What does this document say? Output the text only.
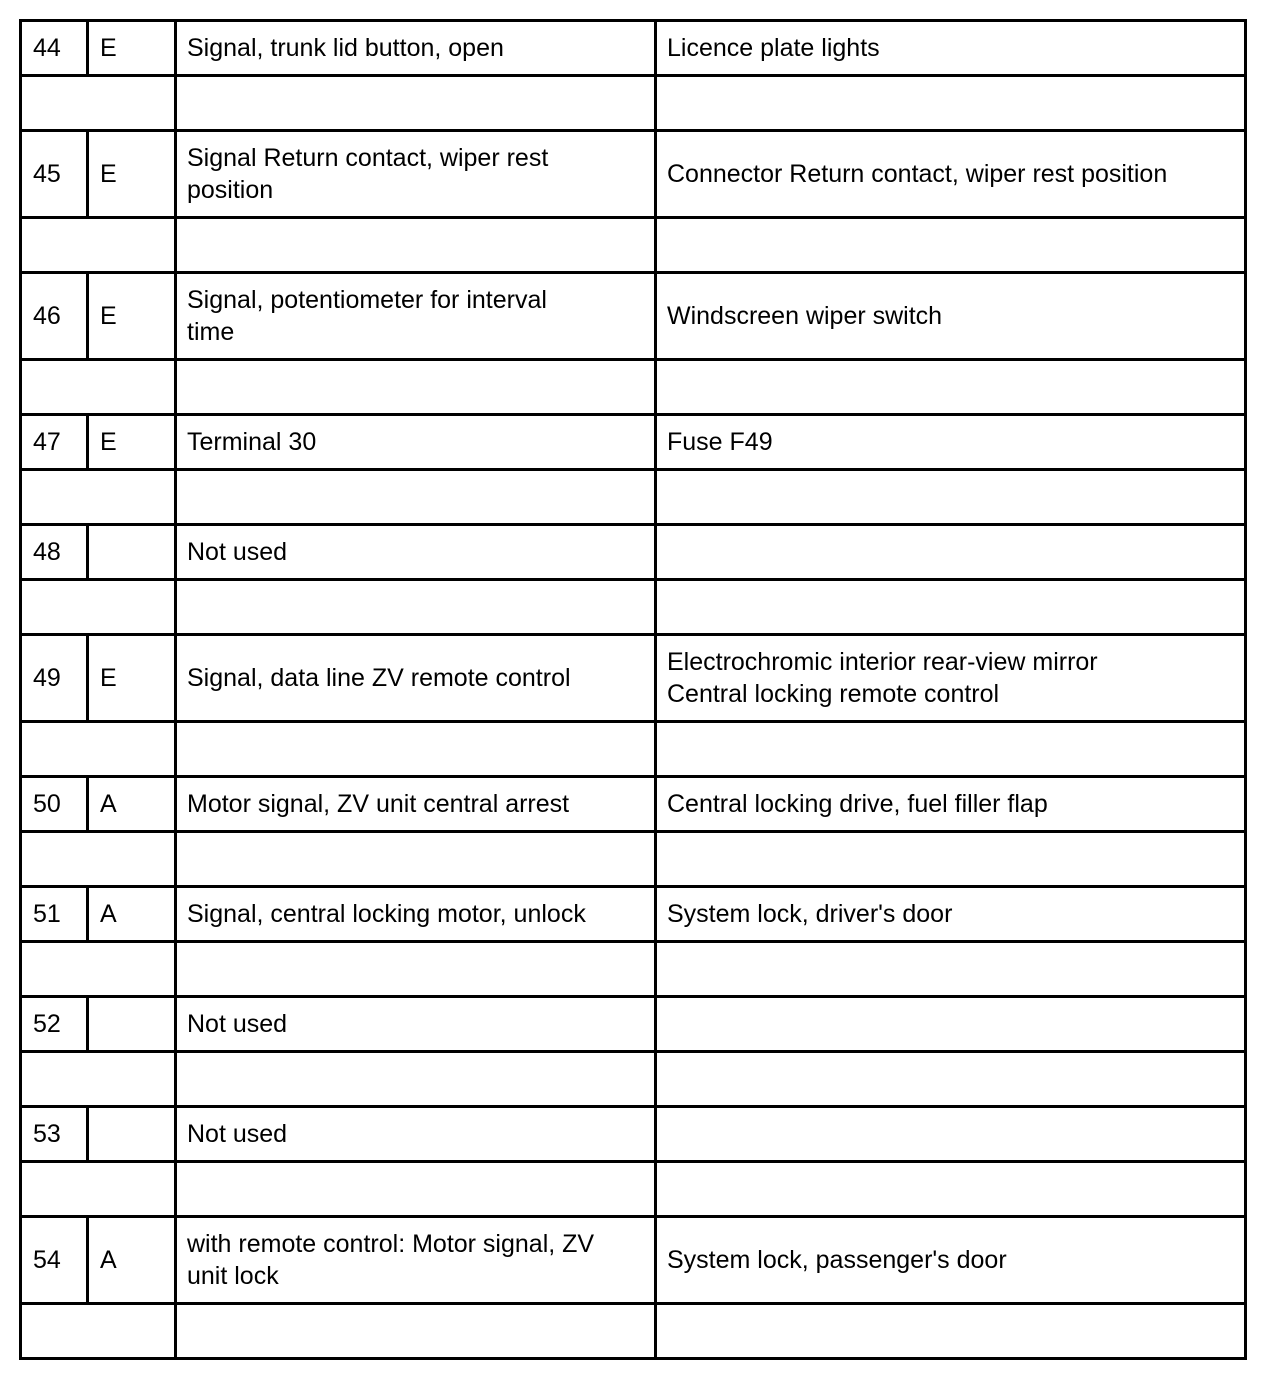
44	E	Signal, trunk lid button, open	Licence plate lights

45	E	Signal Return contact, wiper rest
position	Connector Return contact, wiper rest position

46	E	Signal, potentiometer for interval
time	Windscreen wiper switch

47	E	Terminal 30	Fuse F49

48		Not used	

49	E	Signal, data line ZV remote control	Electrochromic interior rear-view mirror
Central locking remote control

50	A	Motor signal, ZV unit central arrest	Central locking drive, fuel filler flap

51	A	Signal, central locking motor, unlock	System lock, driver's door

52		Not used	

53		Not used	

54	A	with remote control: Motor signal, ZV
unit lock	System lock, passenger's door
